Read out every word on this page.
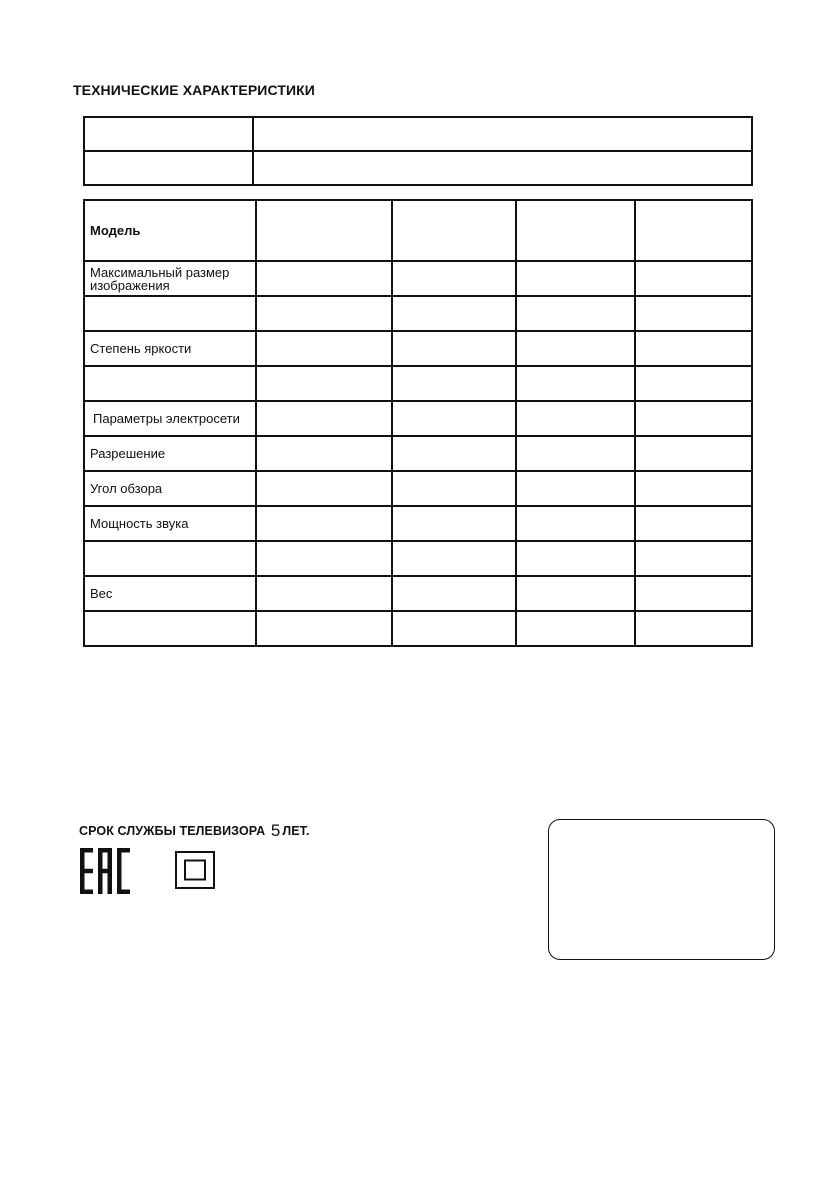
ТЕХНИЧЕСКИЕ ХАРАКТЕРИСТИКИ

Модель				
Максимальный размер изображения				

Степень яркости				

Параметры электросети				
Разрешение				
Угол обзора				
Мощность звука				

Вес				

СРОК СЛУЖБЫ ТЕЛЕВИЗОРА 5 ЛЕТ.
